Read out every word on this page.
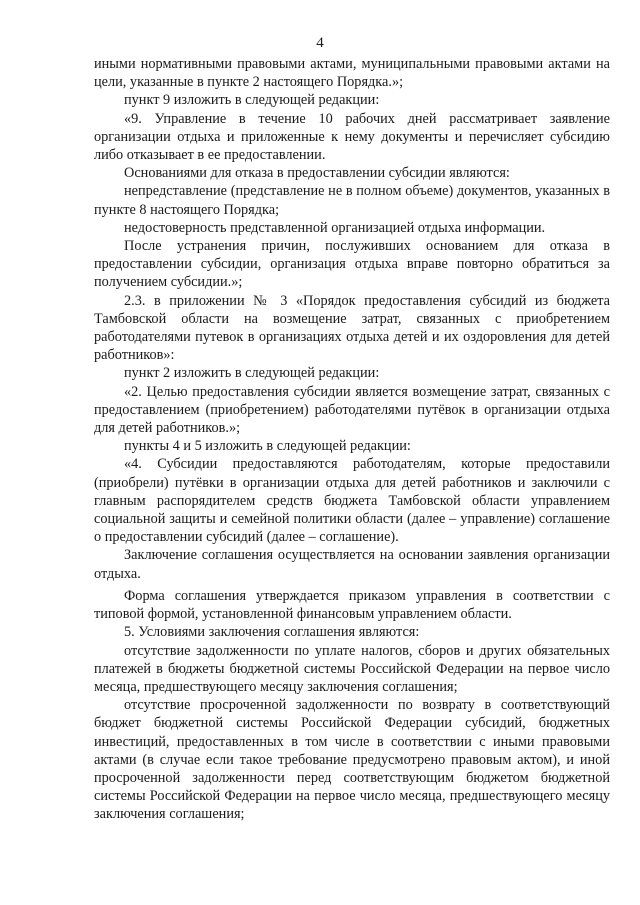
4

иными нормативными правовыми актами, муниципальными правовыми актами на цели, указанные в пункте 2 настоящего Порядка.»;

пункт 9 изложить в следующей редакции:

«9. Управление в течение 10 рабочих дней рассматривает заявление организации отдыха и приложенные к нему документы и перечисляет субсидию либо отказывает в ее предоставлении.

Основаниями для отказа в предоставлении субсидии являются:

непредставление (представление не в полном объеме) документов, указанных в пункте 8 настоящего Порядка;

недостоверность представленной организацией отдыха информации.

После устранения причин, послуживших основанием для отказа в предоставлении субсидии, организация отдыха вправе повторно обратиться за получением субсидии.»;

2.3. в приложении № 3 «Порядок предоставления субсидий из бюджета Тамбовской области на возмещение затрат, связанных с приобретением работодателями путевок в организациях отдыха детей и их оздоровления для детей работников»:

пункт 2 изложить в следующей редакции:

«2. Целью предоставления субсидии является возмещение затрат, связанных с предоставлением (приобретением) работодателями путёвок в организации отдыха для детей работников.»;

пункты 4 и 5 изложить в следующей редакции:

«4. Субсидии предоставляются работодателям, которые предоставили (приобрели) путёвки в организации отдыха для детей работников и заключили с главным распорядителем средств бюджета Тамбовской области управлением социальной защиты и семейной политики области (далее – управление) соглашение о предоставлении субсидий (далее – соглашение).

Заключение соглашения осуществляется на основании заявления организации отдыха.

Форма соглашения утверждается приказом управления в соответствии с типовой формой, установленной финансовым управлением области.

5. Условиями заключения соглашения являются:

отсутствие задолженности по уплате налогов, сборов и других обязательных платежей в бюджеты бюджетной системы Российской Федерации на первое число месяца, предшествующего месяцу заключения соглашения;

отсутствие просроченной задолженности по возврату в соответствующий бюджет бюджетной системы Российской Федерации субсидий, бюджетных инвестиций, предоставленных в том числе в соответствии с иными правовыми актами (в случае если такое требование предусмотрено правовым актом), и иной просроченной задолженности перед соответствующим бюджетом бюджетной системы Российской Федерации на первое число месяца, предшествующего месяцу заключения соглашения;
